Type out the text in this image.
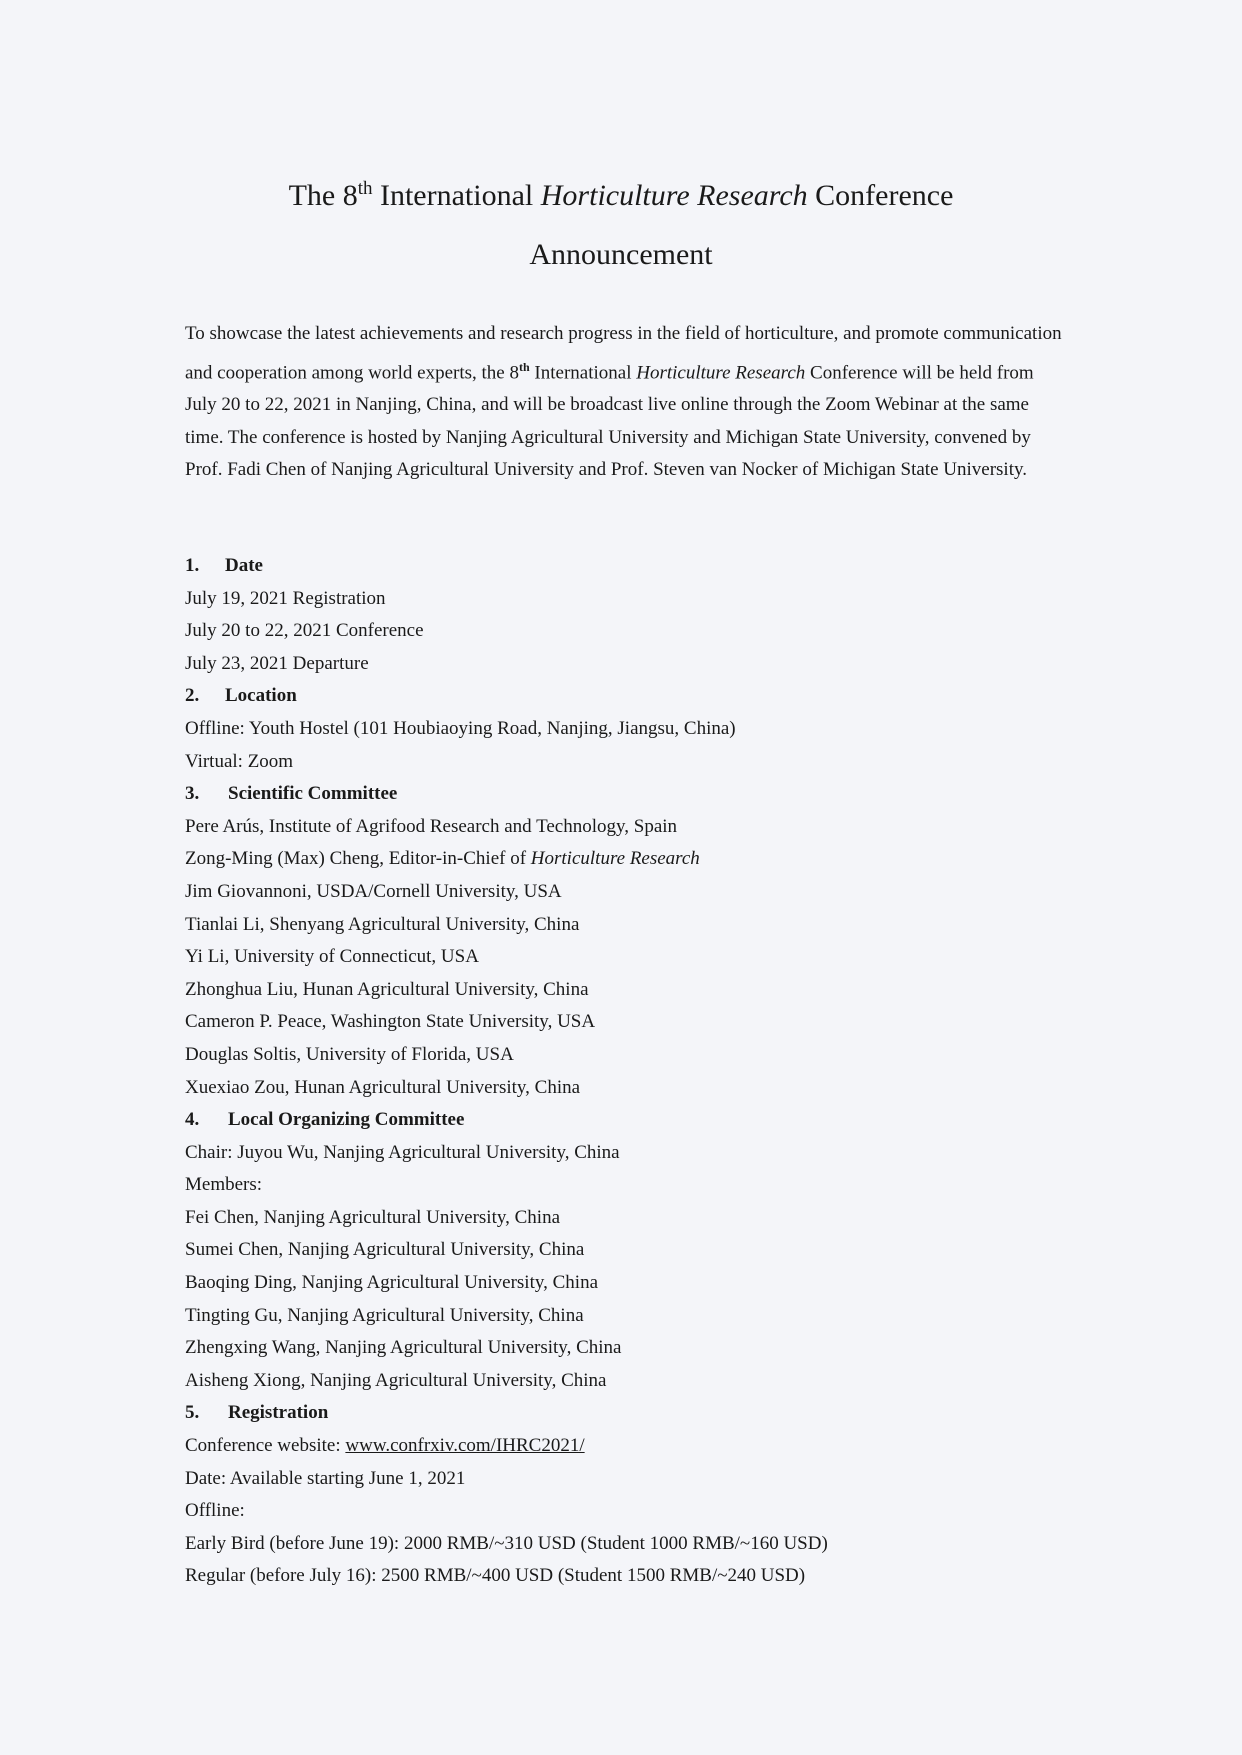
The 8th International Horticulture Research Conference
Announcement
To showcase the latest achievements and research progress in the field of horticulture, and promote communication and cooperation among world experts, the 8th International Horticulture Research Conference will be held from July 20 to 22, 2021 in Nanjing, China, and will be broadcast live online through the Zoom Webinar at the same time. The conference is hosted by Nanjing Agricultural University and Michigan State University, convened by Prof. Fadi Chen of Nanjing Agricultural University and Prof. Steven van Nocker of Michigan State University.
1. Date
July 19, 2021 Registration
July 20 to 22, 2021 Conference
July 23, 2021 Departure
2. Location
Offline: Youth Hostel (101 Houbiaoying Road, Nanjing, Jiangsu, China)
Virtual: Zoom
3. Scientific Committee
Pere Arús, Institute of Agrifood Research and Technology, Spain
Zong-Ming (Max) Cheng, Editor-in-Chief of Horticulture Research
Jim Giovannoni, USDA/Cornell University, USA
Tianlai Li, Shenyang Agricultural University, China
Yi Li, University of Connecticut, USA
Zhonghua Liu, Hunan Agricultural University, China
Cameron P. Peace, Washington State University, USA
Douglas Soltis, University of Florida, USA
Xuexiao Zou, Hunan Agricultural University, China
4. Local Organizing Committee
Chair: Juyou Wu, Nanjing Agricultural University, China
Members:
Fei Chen, Nanjing Agricultural University, China
Sumei Chen, Nanjing Agricultural University, China
Baoqing Ding, Nanjing Agricultural University, China
Tingting Gu, Nanjing Agricultural University, China
Zhengxing Wang, Nanjing Agricultural University, China
Aisheng Xiong, Nanjing Agricultural University, China
5. Registration
Conference website: www.confrxiv.com/IHRC2021/
Date: Available starting June 1, 2021
Offline:
Early Bird (before June 19): 2000 RMB/~310 USD (Student 1000 RMB/~160 USD)
Regular (before July 16): 2500 RMB/~400 USD (Student 1500 RMB/~240 USD)
